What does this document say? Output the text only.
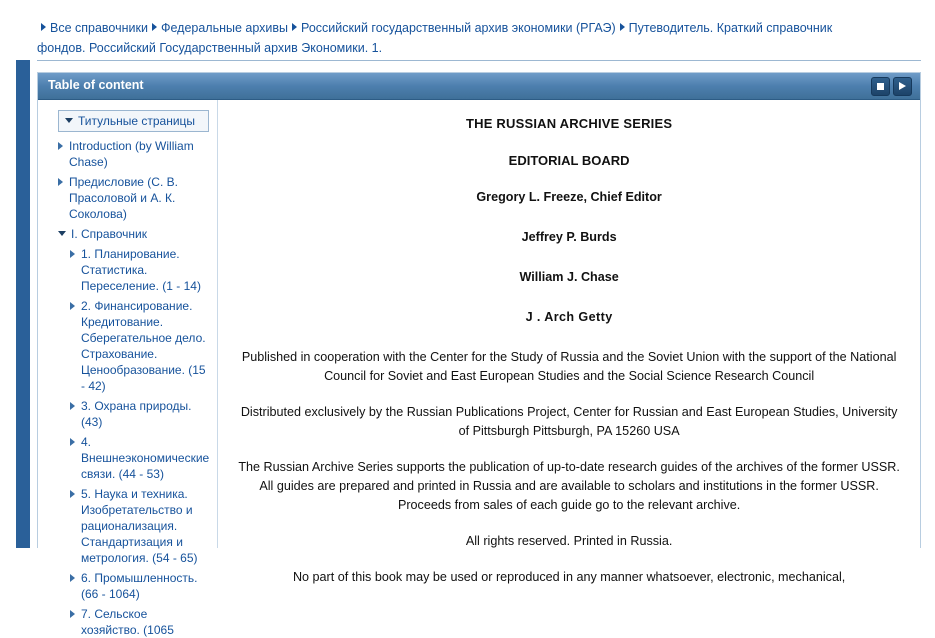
Все справочники Федеральные архивы Российский государственный архив экономики (РГАЭ) Путеводитель. Краткий справочник фондов. Российский Государственный архив Экономики. 1.
Table of content
Титульные страницы
Introduction (by William Chase)
Предисловие (С. В. Прасоловой и А. К. Соколова)
I. Справочник
1. Планирование. Статистика. Переселение. (1 - 14)
2. Финансирование. Кредитование. Сберегательное дело. Страхование. Ценообразование. (15 - 42)
3. Охрана природы. (43)
4. Внешнеэкономические связи. (44 - 53)
5. Наука и техника. Изобретательство и рационализация. Стандартизация и метрология. (54 - 65)
6. Промышленность. (66 - 1064)
7. Сельское хозяйство. (1065
THE RUSSIAN ARCHIVE SERIES
EDITORIAL BOARD
Gregory L. Freeze, Chief Editor
Jeffrey P. Burds
William J. Chase
J . Arch Getty
Published in cooperation with the Center for the Study of Russia and the Soviet Union with the support of the National Council for Soviet and East European Studies and the Social Science Research Council
Distributed exclusively by the Russian Publications Project, Center for Russian and East European Studies, University of Pittsburgh Pittsburgh, PA 15260 USA
The Russian Archive Series supports the publication of up-to-date research guides of the archives of the former USSR. All guides are prepared and printed in Russia and are available to scholars and institutions in the former USSR. Proceeds from sales of each guide go to the relevant archive.
All rights reserved. Printed in Russia.
No part of this book may be used or reproduced in any manner whatsoever, electronic, mechanical,
